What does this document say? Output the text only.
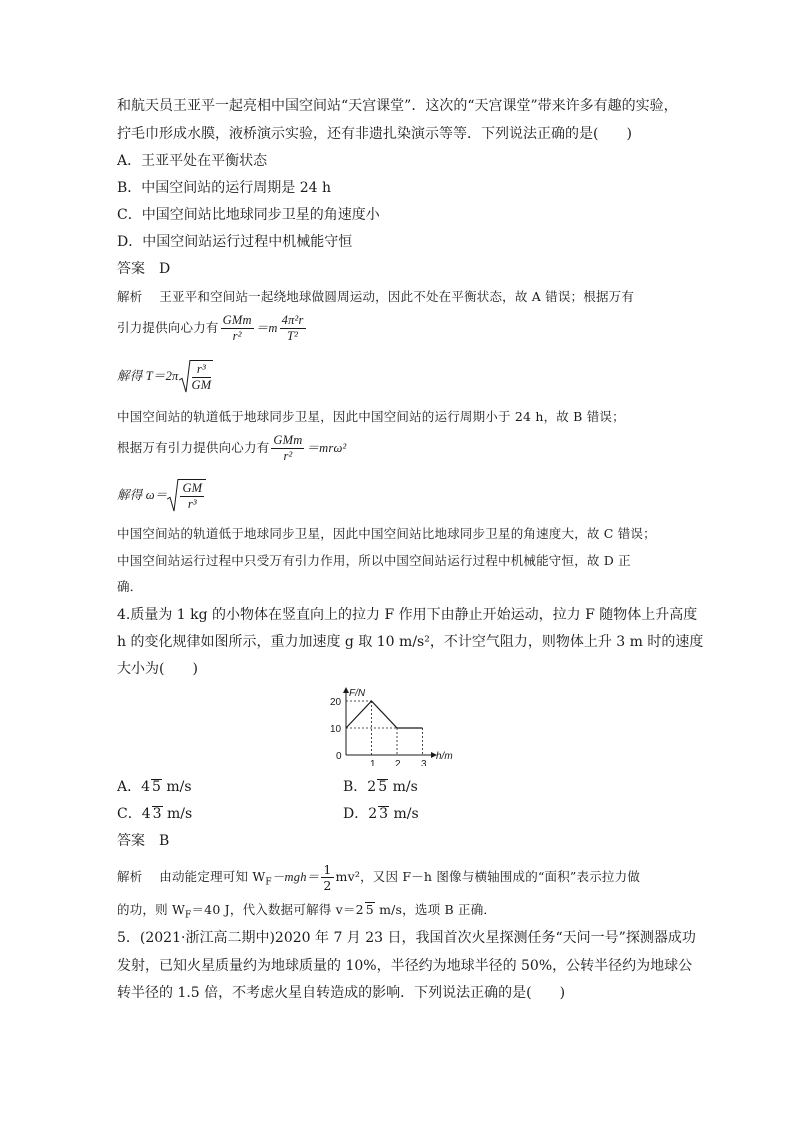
和航天员王亚平一起亮相中国空间站“天宫课堂”．这次的“天宫课堂”带来许多有趣的实验，
拧毛巾形成水膜，液桥演示实验，还有非遗扎染演示等等．下列说法正确的是(　　)
A．王亚平处在平衡状态
B．中国空间站的运行周期是 24 h
C．中国空间站比地球同步卫星的角速度小
D．中国空间站运行过程中机械能守恒
答案　D
解析　 王亚平和空间站一起绕地球做圆周运动，因此不处在平衡状态，故 A 错误；根据万有
引力提供向心力有 $\frac{\text{GMm}}{\text{r²}} =m \frac{\text{4π²r}}{\text{T²}}$
解得 $T=2\pi \frac{\text{r³}}{GM}$
中国空间站的轨道低于地球同步卫星，因此中国空间站的运行周期小于 24 h，故 B 错误；
根据万有引力提供向心力有 $\frac{\text{GMm}}{\text{r²}} =mr\omega^2$
解得 $\omega= \frac{GM}{\text{r³}}$
中国空间站的轨道低于地球同步卫星，因此中国空间站比地球同步卫星的角速度大，故 C 错误；
中国空间站运行过程中只受万有引力作用，所以中国空间站运行过程中机械能守恒，故 D 正
确．
4.质量为 1 kg 的小物体在竖直向上的拉力 F 作用下由静止开始运动，拉力 F 随物体上升高度
h 的变化规律如图所示，重力加速度 g 取 10 m/s²，不计空气阻力，则物体上升 3 m 时的速度
大小为(　　)
F/N
h/m
0
10
20
1 2 3
A．4 5 m/s	B．2 5 m/s
C．4 3 m/s	D．2 3 m/s
答案　B
解析　 由动能定理可知 $W_F-mgh= \frac{1}{2} mv^2$，又因 F－h 图像与横轴围成的“面积”表示拉力做
的功，则 $W_F=40$ J，代入数据可解得 v＝2 5 m/s，选项 B 正确．
5．(2021·浙江高二期中)2020 年 7 月 23 日，我国首次火星探测任务“天问一号”探测器成功
发射，已知火星质量约为地球质量的 10%，半径约为地球半径的 50%，公转半径约为地球公
转半径的 1.5 倍，不考虑火星自转造成的影响．下列说法正确的是(　　)
